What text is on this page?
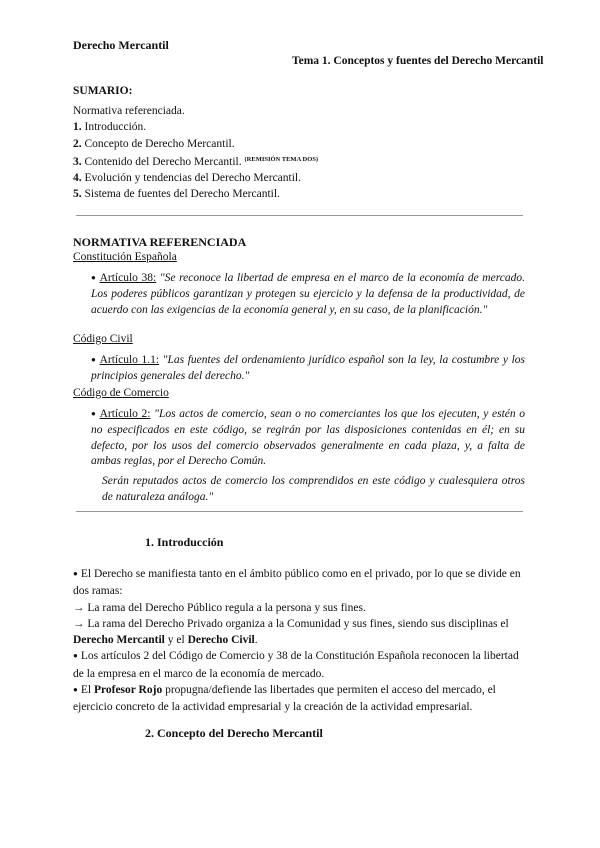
Derecho Mercantil
Tema 1. Conceptos y fuentes del Derecho Mercantil
SUMARIO:
Normativa referenciada.
1. Introducción.
2. Concepto de Derecho Mercantil.
3. Contenido del Derecho Mercantil. $^{(REMISIÓN TEMA DOS)}$
4. Evolución y tendencias del Derecho Mercantil.
5. Sistema de fuentes del Derecho Mercantil.
NORMATIVA REFERENCIADA
Constitución Española
● Artículo 38: "Se reconoce la libertad de empresa en el marco de la economía de mercado. Los poderes públicos garantizan y protegen su ejercicio y la defensa de la productividad, de acuerdo con las exigencias de la economía general y, en su caso, de la planificación."
Código Civil
● Artículo 1.1: "Las fuentes del ordenamiento jurídico español son la ley, la costumbre y los principios generales del derecho."
Código de Comercio
● Artículo 2: "Los actos de comercio, sean o no comerciantes los que los ejecuten, y estén o no especificados en este código, se regirán por las disposiciones contenidas en él; en su defecto, por los usos del comercio observados generalmente en cada plaza, y, a falta de ambas reglas, por el Derecho Común.
Serán reputados actos de comercio los comprendidos en este código y cualesquiera otros de naturaleza análoga."
1. Introducción
● El Derecho se manifiesta tanto en el ámbito público como en el privado, por lo que se divide en dos ramas:
→ La rama del Derecho Público regula a la persona y sus fines.
→ La rama del Derecho Privado organiza a la Comunidad y sus fines, siendo sus disciplinas el Derecho Mercantil y el Derecho Civil.
● Los artículos 2 del Código de Comercio y 38 de la Constitución Española reconocen la libertad de la empresa en el marco de la economía de mercado.
● El Profesor Rojo propugna/defiende las libertades que permiten el acceso del mercado, el ejercicio concreto de la actividad empresarial y la creación de la actividad empresarial.
2. Concepto del Derecho Mercantil
